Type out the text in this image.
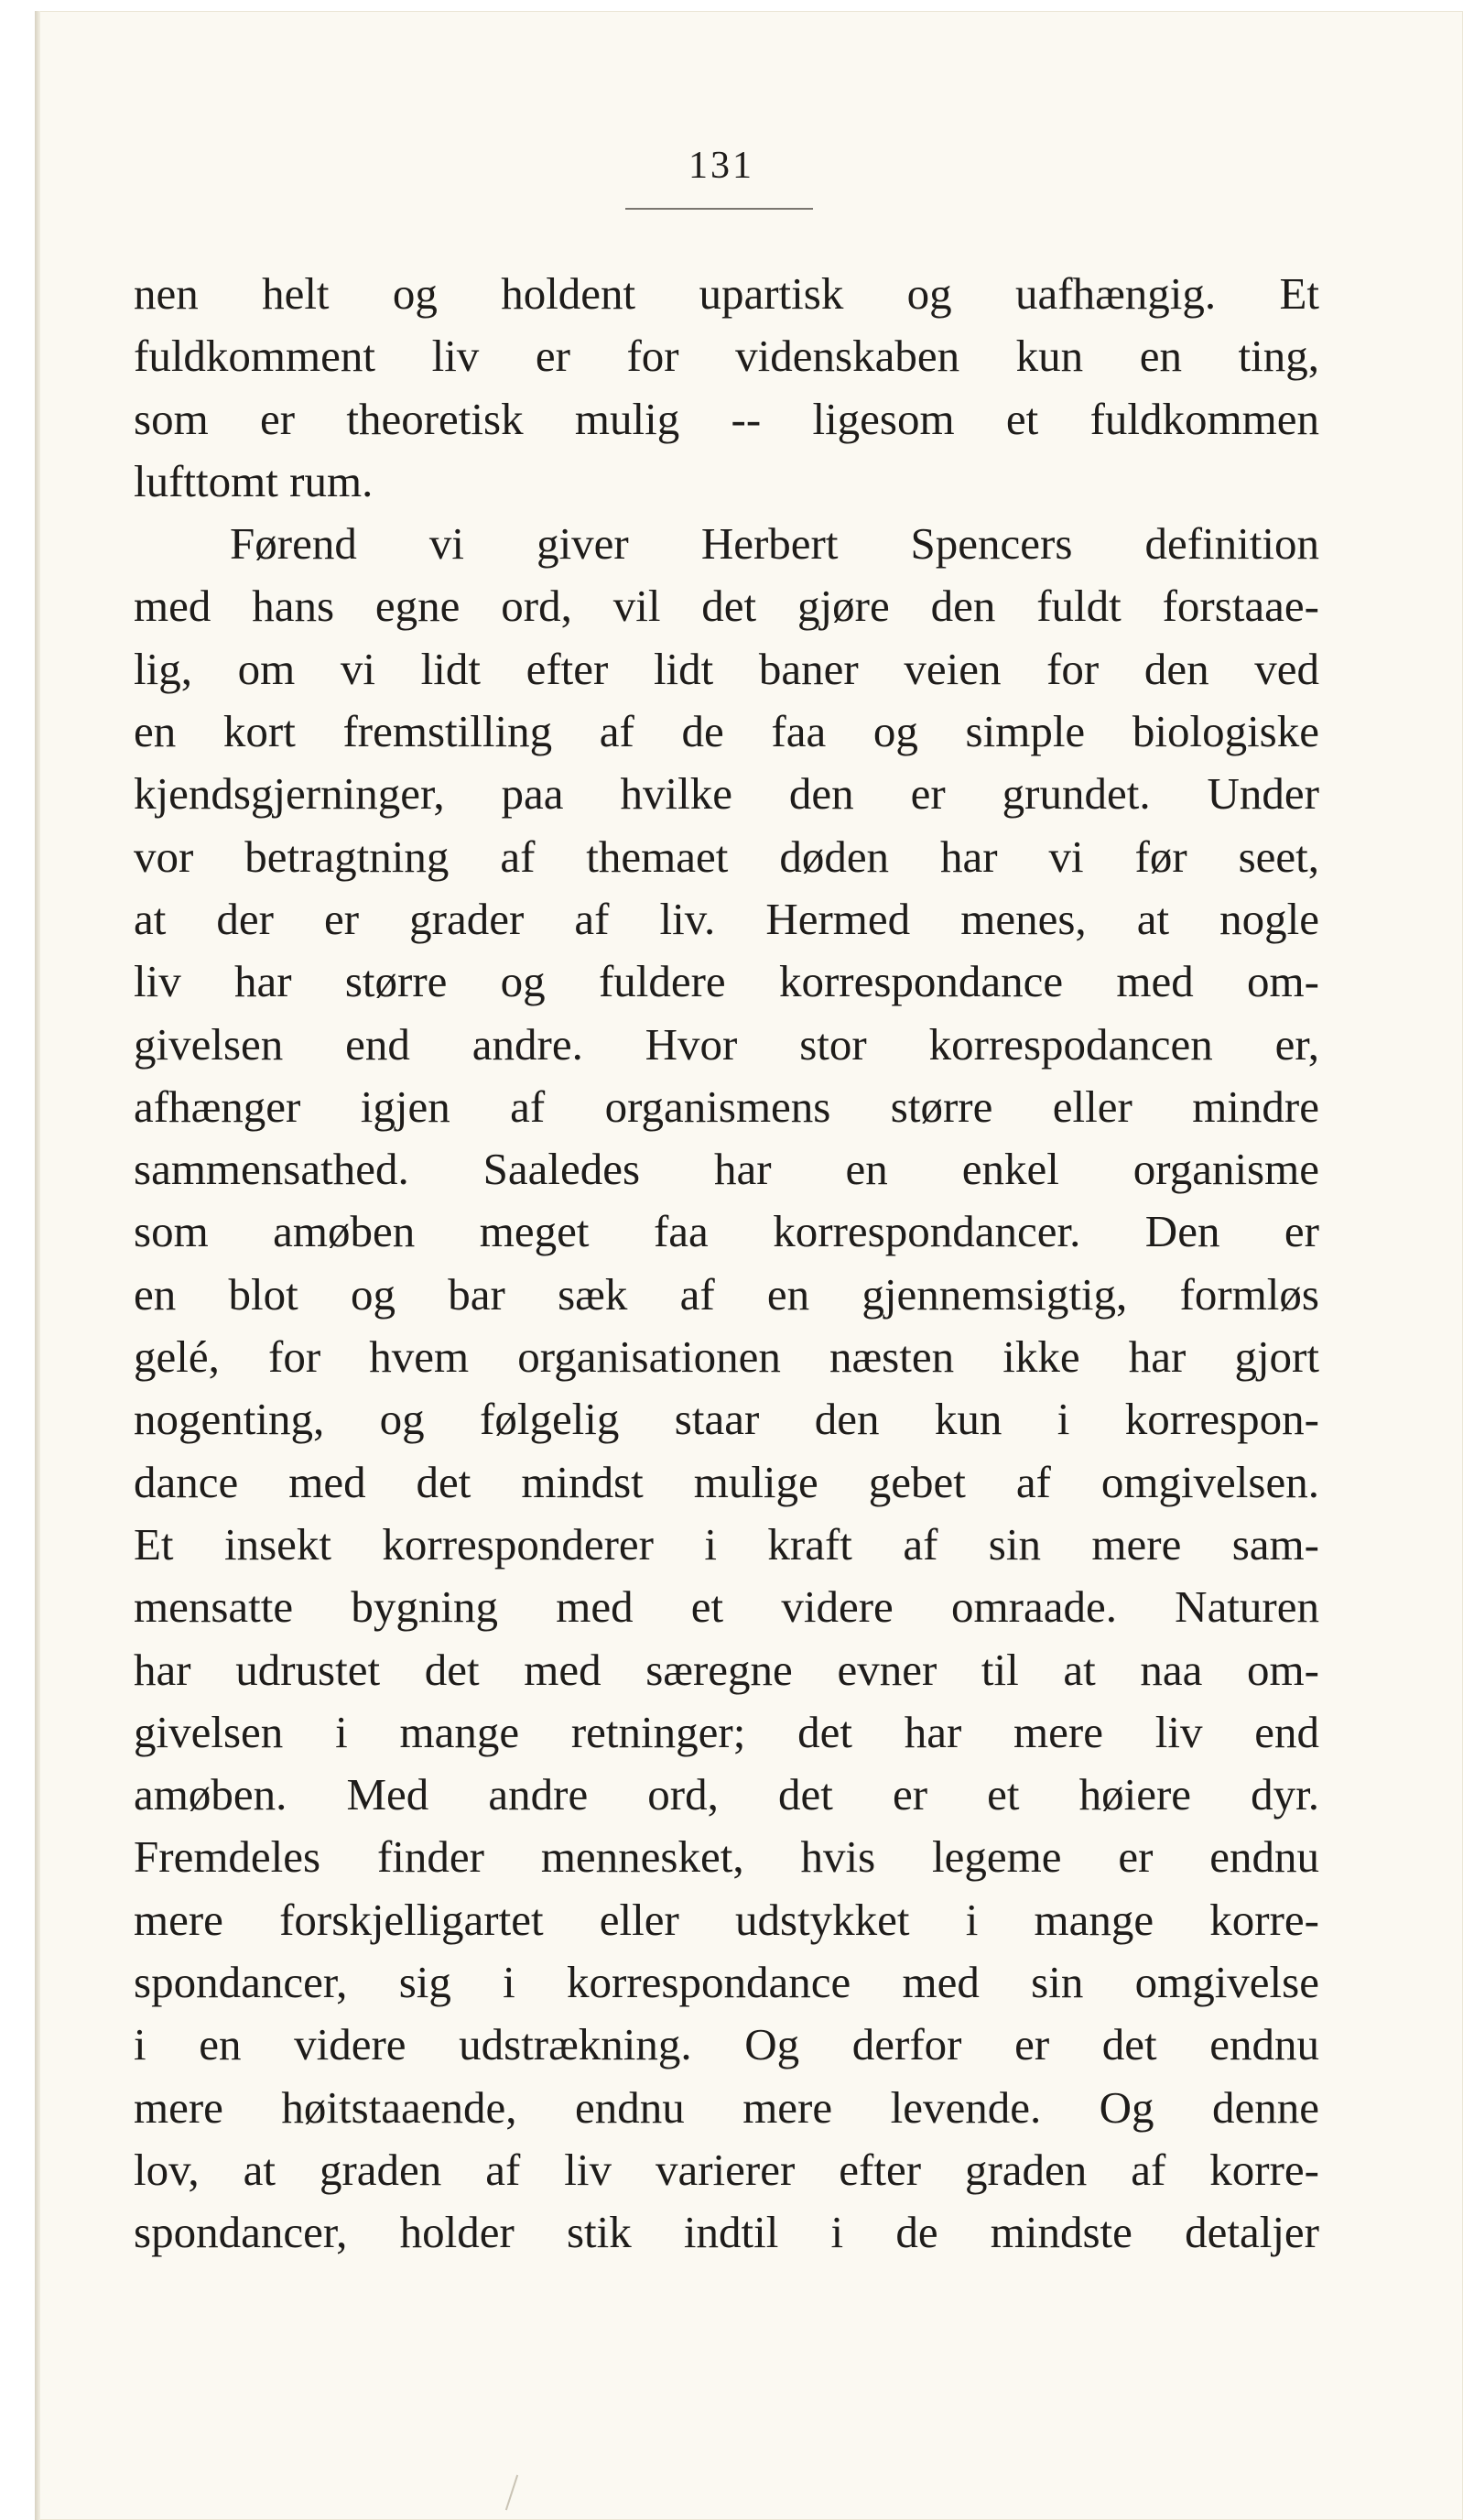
131
nen helt og holdent upartisk og uafhængig. Et
fuldkomment liv er for videnskaben kun en ting,
som er theoretisk mulig -- ligesom et fuldkommen
lufttomt rum.
Førend vi giver Herbert Spencers definition
med hans egne ord, vil det gjøre den fuldt forstaae-
lig, om vi lidt efter lidt baner veien for den ved
en kort fremstilling af de faa og simple biologiske
kjendsgjerninger, paa hvilke den er grundet. Under
vor betragtning af themaet døden har vi før seet,
at der er grader af liv. Hermed menes, at nogle
liv har større og fuldere korrespondance med om-
givelsen end andre. Hvor stor korrespodancen er,
afhænger igjen af organismens større eller mindre
sammensathed. Saaledes har en enkel organisme
som amøben meget faa korrespondancer. Den er
en blot og bar sæk af en gjennemsigtig, formløs
gelé, for hvem organisationen næsten ikke har gjort
nogenting, og følgelig staar den kun i korrespon-
dance med det mindst mulige gebet af omgivelsen.
Et insekt korresponderer i kraft af sin mere sam-
mensatte bygning med et videre omraade. Naturen
har udrustet det med særegne evner til at naa om-
givelsen i mange retninger; det har mere liv end
amøben. Med andre ord, det er et høiere dyr.
Fremdeles finder mennesket, hvis legeme er endnu
mere forskjelligartet eller udstykket i mange korre-
spondancer, sig i korrespondance med sin omgivelse
i en videre udstrækning. Og derfor er det endnu
mere høitstaaende, endnu mere levende. Og denne
lov, at graden af liv varierer efter graden af korre-
spondancer, holder stik indtil i de mindste detaljer
